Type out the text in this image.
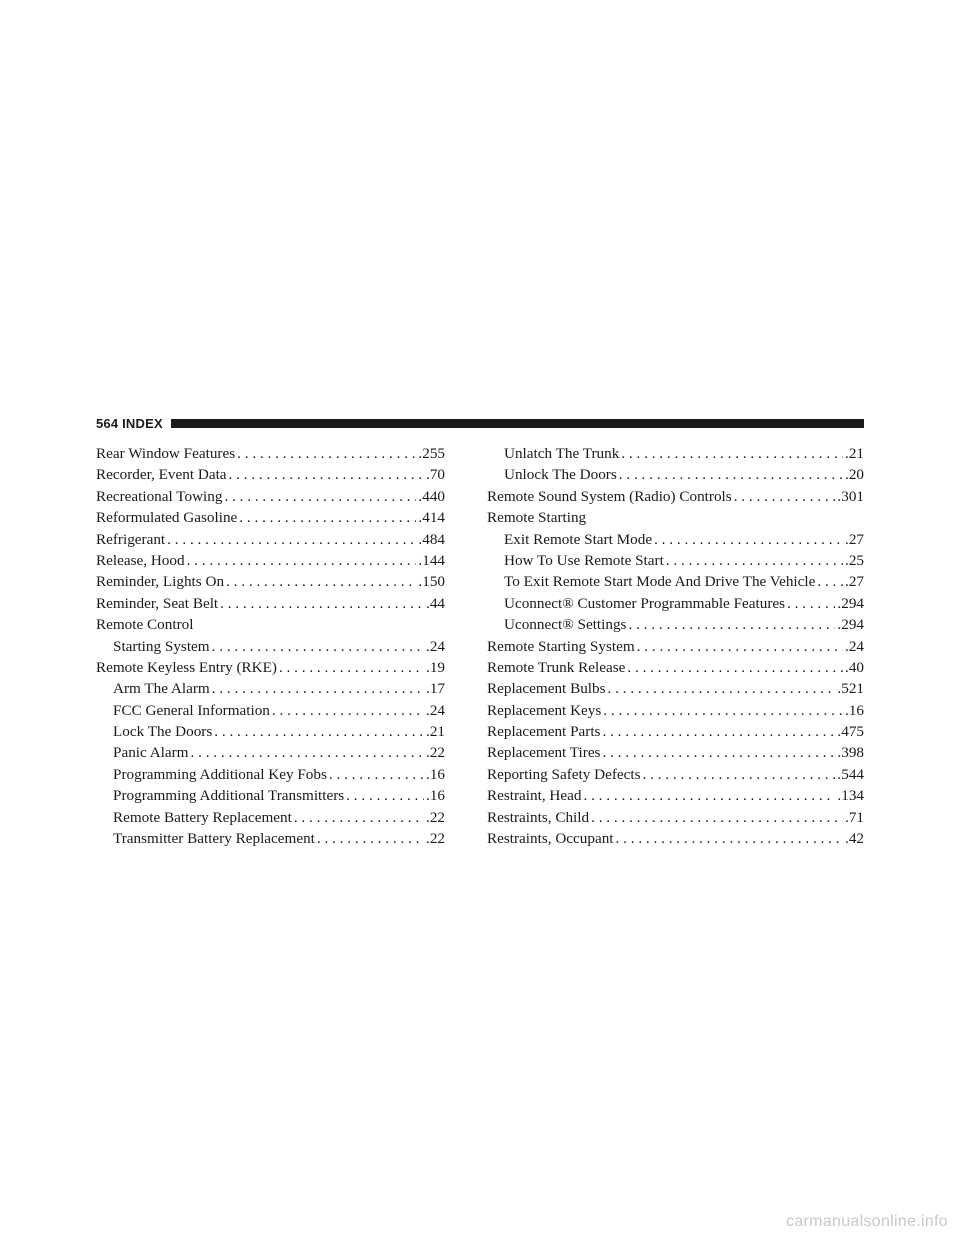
564 INDEX
Rear Window Features . . .	.255
Recorder, Event Data . . .	.70
Recreational Towing . . .	.440
Reformulated Gasoline . . .	.414
Refrigerant . . .	.484
Release, Hood . . .	.144
Reminder, Lights On . . .	.150
Reminder, Seat Belt . . .	.44
Remote Control
Starting System . . .	.24
Remote Keyless Entry (RKE) . . .	.19
Arm The Alarm . . .	.17
FCC General Information . . .	.24
Lock The Doors . . .	.21
Panic Alarm . . .	.22
Programming Additional Key Fobs . . .	.16
Programming Additional Transmitters . . .	.16
Remote Battery Replacement . . .	.22
Transmitter Battery Replacement . . .	.22
Unlatch The Trunk . . .	.21
Unlock The Doors . . .	.20
Remote Sound System (Radio) Controls . . .	.301
Remote Starting
Exit Remote Start Mode . . .	.27
How To Use Remote Start . . .	.25
To Exit Remote Start Mode And Drive The Vehicle . . . .27
Uconnect® Customer Programmable Features . . .	.294
Uconnect® Settings . . .	.294
Remote Starting System . . .	.24
Remote Trunk Release . . .	.40
Replacement Bulbs . . .	.521
Replacement Keys . . .	.16
Replacement Parts . . .	.475
Replacement Tires . . .	.398
Reporting Safety Defects . . .	.544
Restraint, Head . . .	.134
Restraints, Child . . .	.71
Restraints, Occupant . . .	.42
carmanualsonline.info
